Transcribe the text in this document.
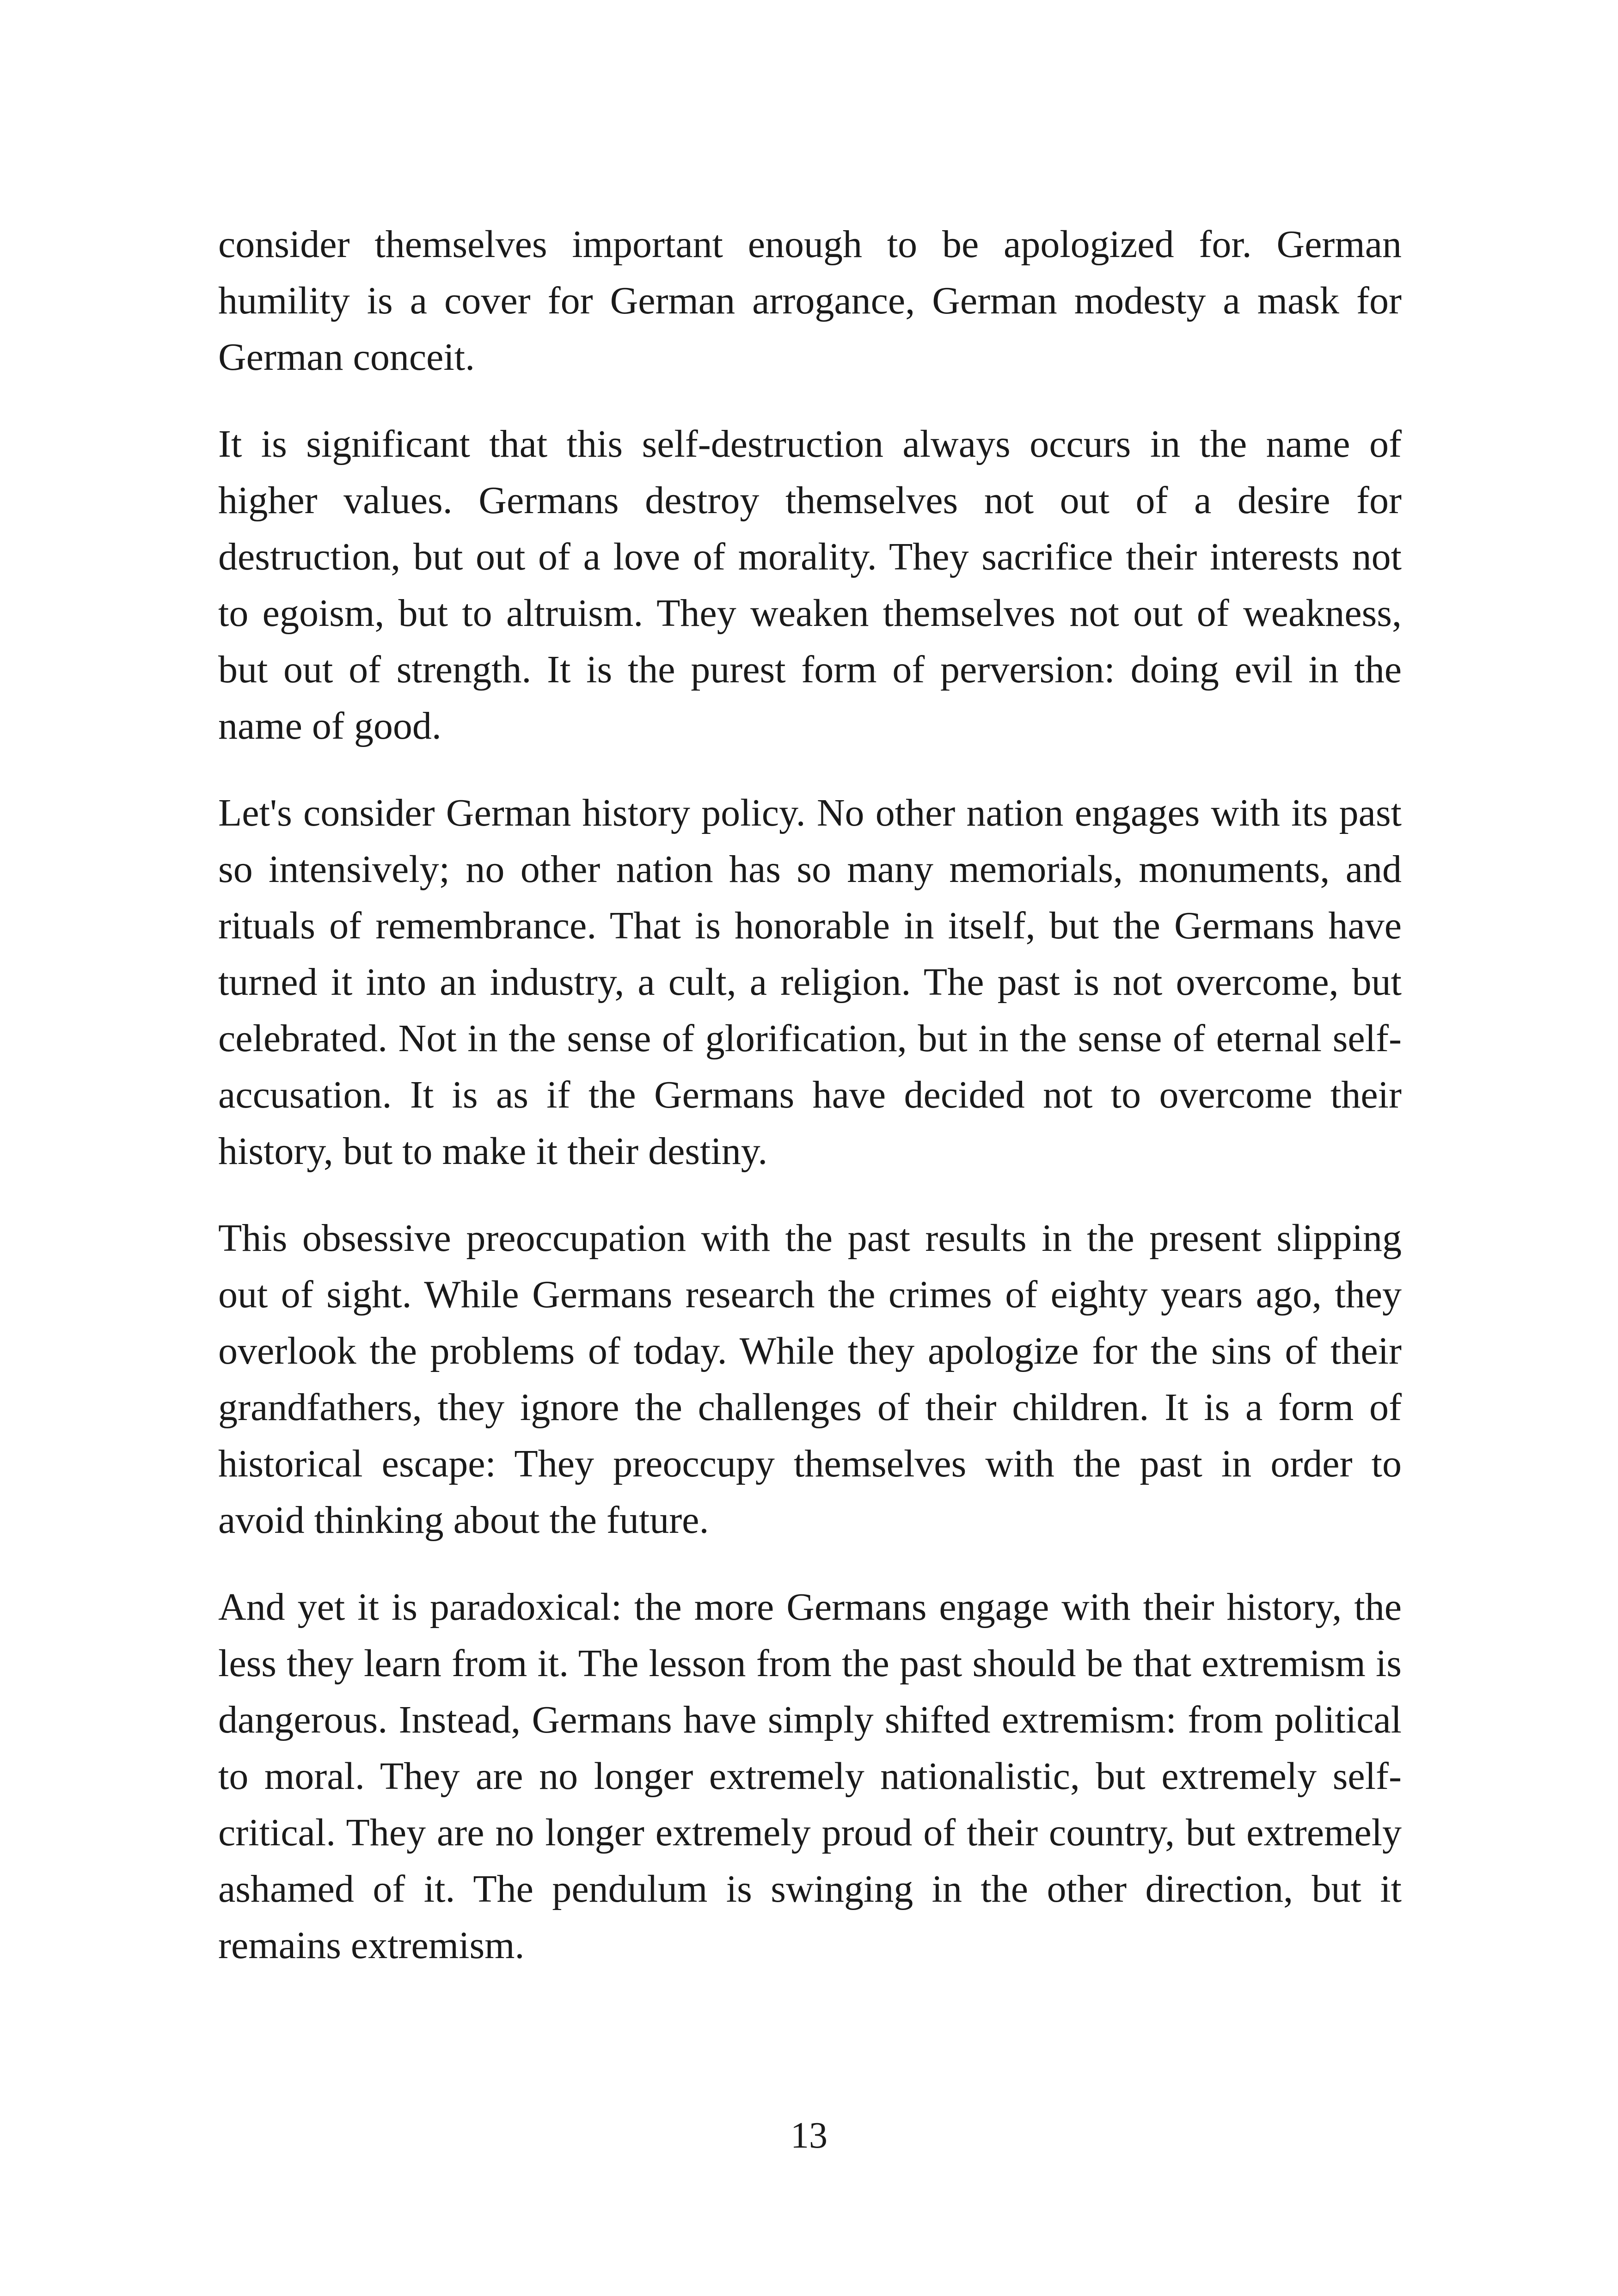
consider themselves important enough to be apologized for. German humility is a cover for German arrogance, German modesty a mask for German conceit.

It is significant that this self-destruction always occurs in the name of higher values. Germans destroy themselves not out of a desire for destruction, but out of a love of morality. They sacrifice their interests not to egoism, but to altruism. They weaken themselves not out of weakness, but out of strength. It is the purest form of perversion: doing evil in the name of good.

Let's consider German history policy. No other nation engages with its past so intensively; no other nation has so many memorials, monuments, and rituals of remembrance. That is honorable in itself, but the Germans have turned it into an industry, a cult, a religion. The past is not overcome, but celebrated. Not in the sense of glorification, but in the sense of eternal self-accusation. It is as if the Germans have decided not to overcome their history, but to make it their destiny.

This obsessive preoccupation with the past results in the present slipping out of sight. While Germans research the crimes of eighty years ago, they overlook the problems of today. While they apologize for the sins of their grandfathers, they ignore the challenges of their children. It is a form of historical escape: They preoccupy themselves with the past in order to avoid thinking about the future.

And yet it is paradoxical: the more Germans engage with their history, the less they learn from it. The lesson from the past should be that extremism is dangerous. Instead, Germans have simply shifted extremism: from political to moral. They are no longer extremely nationalistic, but extremely self-critical. They are no longer extremely proud of their country, but extremely ashamed of it. The pendulum is swinging in the other direction, but it remains extremism.

13
